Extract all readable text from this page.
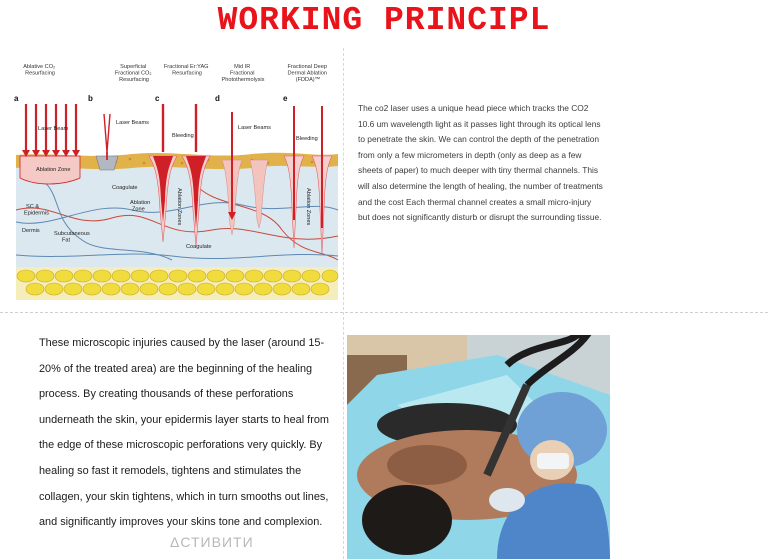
WORKING PRINCIPL
Ablative CO₂ Resurfacing
Superficial Fractional CO₂ Resurfacing
Fractional Er:YAG Resurfacing
Mid IR Fractional Photothermolysis
Fractional Deep Dermal Ablation (FDDA)™
a	b	c	d	e
Laser Beam
Laser Beams
Bleeding
Laser Beams
Bleeding
Ablation Zone
Coagulate
Ablation Zone
SC & Epidermis
Dermis	Subcutaneous Fat
Coagulate
Ablation Zones	Ablation Zones
The co2 laser uses a unique head piece which tracks the CO2 10.6 um wavelength light as it passes light through its optical lens to penetrate the skin. We can control the depth of the penetration from only a few micrometers in depth (only as deep as a few sheets of paper) to much deeper with tiny thermal channels. This will also determine the length of healing, the number of treatments and the cost Each thermal channel creates a small micro-injury but does not significantly disturb or disrupt the surrounding tissue.
These microscopic injuries caused by the laser (around 15-20% of the treated area) are the beginning of the healing process. By creating thousands of these perforations underneath the skin, your epidermis layer starts to heal from the edge of these microscopic perforations very quickly. By healing so fast it remodels, tightens and stimulates the collagen, your skin tightens, which in turn smooths out lines, and significantly improves your skins tone and complexion.
ΔСТИВИТИ
